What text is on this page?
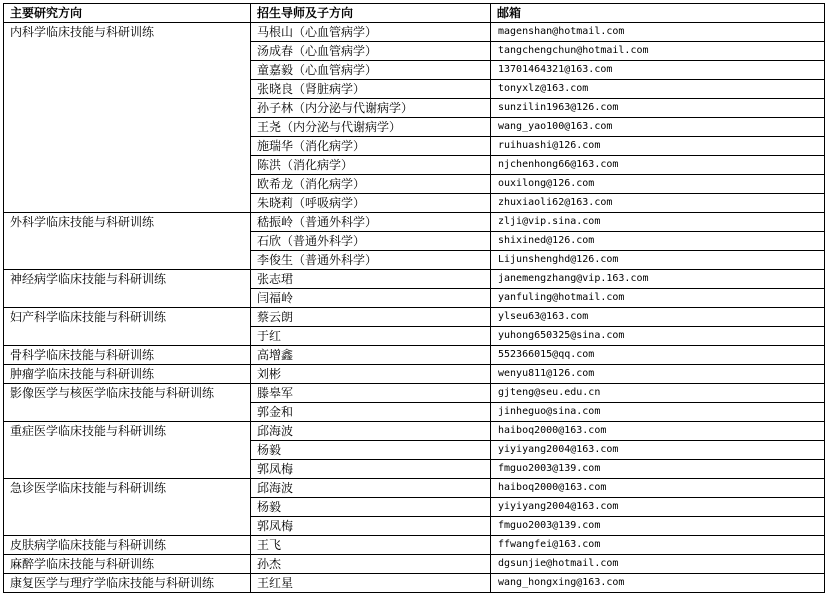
主要研究方向	招生导师及子方向	邮箱
内科学临床技能与科研训练	马根山（心血管病学）	magenshan@hotmail.com
	汤成春（心血管病学）	tangchengchun@hotmail.com
	童嘉毅（心血管病学）	13701464321@163.com
	张晓良（肾脏病学）	tonyxlz@163.com
	孙子林（内分泌与代谢病学）	sunzilin1963@126.com
	王尧（内分泌与代谢病学）	wang_yao100@163.com
	施瑞华（消化病学）	ruihuashi@126.com
	陈洪（消化病学）	njchenhong66@163.com
	欧希龙（消化病学）	ouxilong@126.com
	朱晓莉（呼吸病学）	zhuxiaoli62@163.com
外科学临床技能与科研训练	嵇振岭（普通外科学）	zlji@vip.sina.com
	石欣（普通外科学）	shixined@126.com
	李俊生（普通外科学）	Lijunshenghd@126.com
神经病学临床技能与科研训练	张志珺	janemengzhang@vip.163.com
	闫福岭	yanfuling@hotmail.com
妇产科学临床技能与科研训练	蔡云朗	ylseu63@163.com
	于红	yuhong650325@sina.com
骨科学临床技能与科研训练	高增鑫	552366015@qq.com
肿瘤学临床技能与科研训练	刘彬	wenyu811@126.com
影像医学与核医学临床技能与科研训练	滕皋军	gjteng@seu.edu.cn
	郭金和	jinheguo@sina.com
重症医学临床技能与科研训练	邱海波	haiboq2000@163.com
	杨毅	yiyiyang2004@163.com
	郭凤梅	fmguo2003@139.com
急诊医学临床技能与科研训练	邱海波	haiboq2000@163.com
	杨毅	yiyiyang2004@163.com
	郭凤梅	fmguo2003@139.com
皮肤病学临床技能与科研训练	王飞	ffwangfei@163.com
麻醉学临床技能与科研训练	孙杰	dgsunjie@hotmail.com
康复医学与理疗学临床技能与科研训练	王红星	wang_hongxing@163.com
